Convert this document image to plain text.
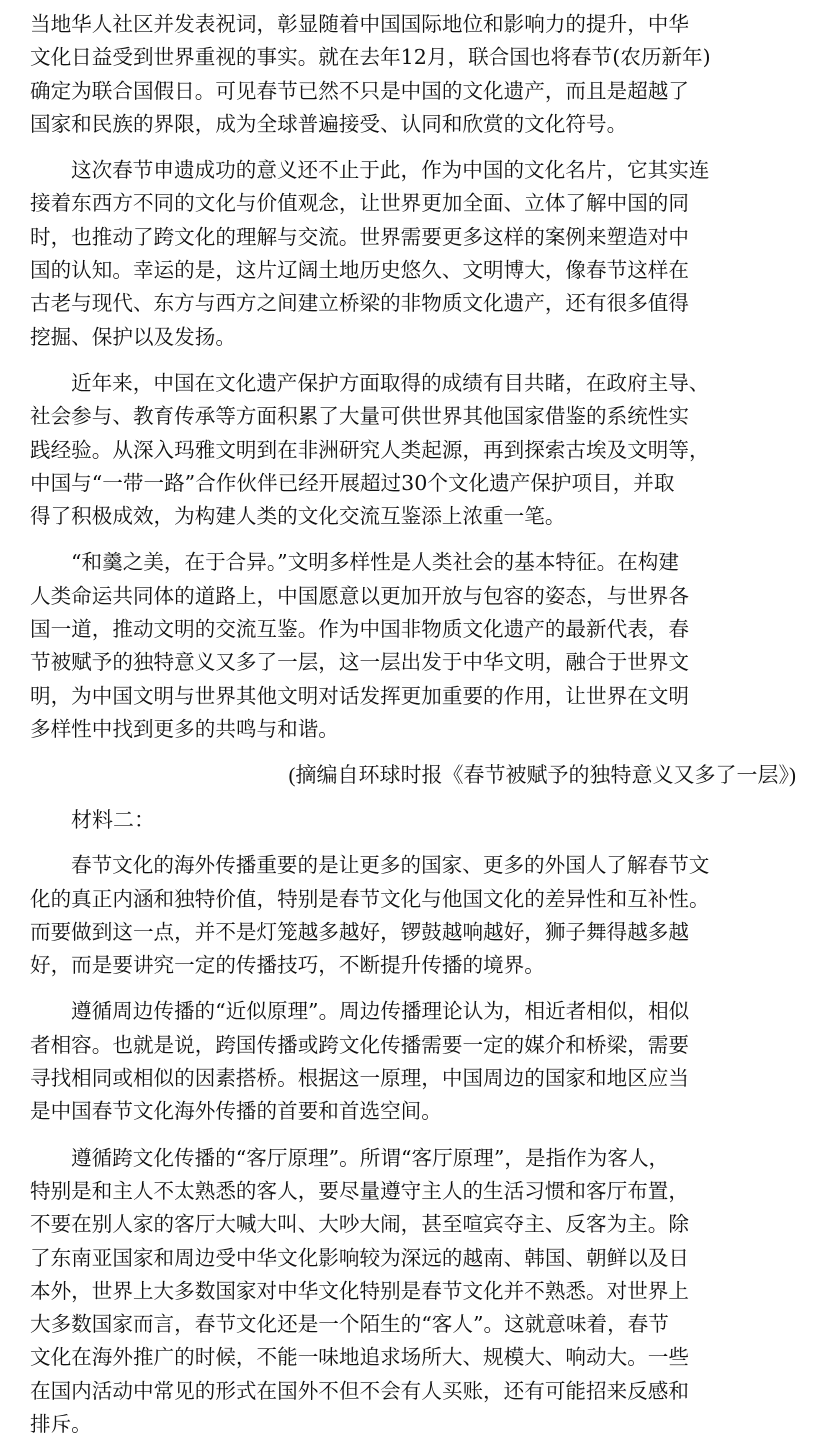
当地华人社区并发表祝词，彰显随着中国国际地位和影响力的提升，中华
文化日益受到世界重视的事实。就在去年12月，联合国也将春节(农历新年)
确定为联合国假日。可见春节已然不只是中国的文化遗产，而且是超越了
国家和民族的界限，成为全球普遍接受、认同和欣赏的文化符号。
这次春节申遗成功的意义还不止于此，作为中国的文化名片，它其实连
接着东西方不同的文化与价值观念，让世界更加全面、立体了解中国的同
时，也推动了跨文化的理解与交流。世界需要更多这样的案例来塑造对中
国的认知。幸运的是，这片辽阔土地历史悠久、文明博大，像春节这样在
古老与现代、东方与西方之间建立桥梁的非物质文化遗产，还有很多值得
挖掘、保护以及发扬。
近年来，中国在文化遗产保护方面取得的成绩有目共睹，在政府主导、
社会参与、教育传承等方面积累了大量可供世界其他国家借鉴的系统性实
践经验。从深入玛雅文明到在非洲研究人类起源，再到探索古埃及文明等，
中国与“一带一路”合作伙伴已经开展超过30个文化遗产保护项目，并取
得了积极成效，为构建人类的文化交流互鉴添上浓重一笔。
“和羹之美，在于合异。”文明多样性是人类社会的基本特征。在构建
人类命运共同体的道路上，中国愿意以更加开放与包容的姿态，与世界各
国一道，推动文明的交流互鉴。作为中国非物质文化遗产的最新代表，春
节被赋予的独特意义又多了一层，这一层出发于中华文明，融合于世界文
明，为中国文明与世界其他文明对话发挥更加重要的作用，让世界在文明
多样性中找到更多的共鸣与和谐。

(摘编自环球时报《春节被赋予的独特意义又多了一层》)

材料二：

春节文化的海外传播重要的是让更多的国家、更多的外国人了解春节文
化的真正内涵和独特价值，特别是春节文化与他国文化的差异性和互补性。
而要做到这一点，并不是灯笼越多越好，锣鼓越响越好，狮子舞得越多越
好，而是要讲究一定的传播技巧，不断提升传播的境界。
遵循周边传播的“近似原理”。周边传播理论认为，相近者相似，相似
者相容。也就是说，跨国传播或跨文化传播需要一定的媒介和桥梁，需要
寻找相同或相似的因素搭桥。根据这一原理，中国周边的国家和地区应当
是中国春节文化海外传播的首要和首选空间。
遵循跨文化传播的“客厅原理”。所谓“客厅原理”，是指作为客人，
特别是和主人不太熟悉的客人，要尽量遵守主人的生活习惯和客厅布置，
不要在别人家的客厅大喊大叫、大吵大闹，甚至喧宾夺主、反客为主。除
了东南亚国家和周边受中华文化影响较为深远的越南、韩国、朝鲜以及日
本外，世界上大多数国家对中华文化特别是春节文化并不熟悉。对世界上
大多数国家而言，春节文化还是一个陌生的“客人”。这就意味着，春节
文化在海外推广的时候，不能一味地追求场所大、规模大、响动大。一些
在国内活动中常见的形式在国外不但不会有人买账，还有可能招来反感和
排斥。
